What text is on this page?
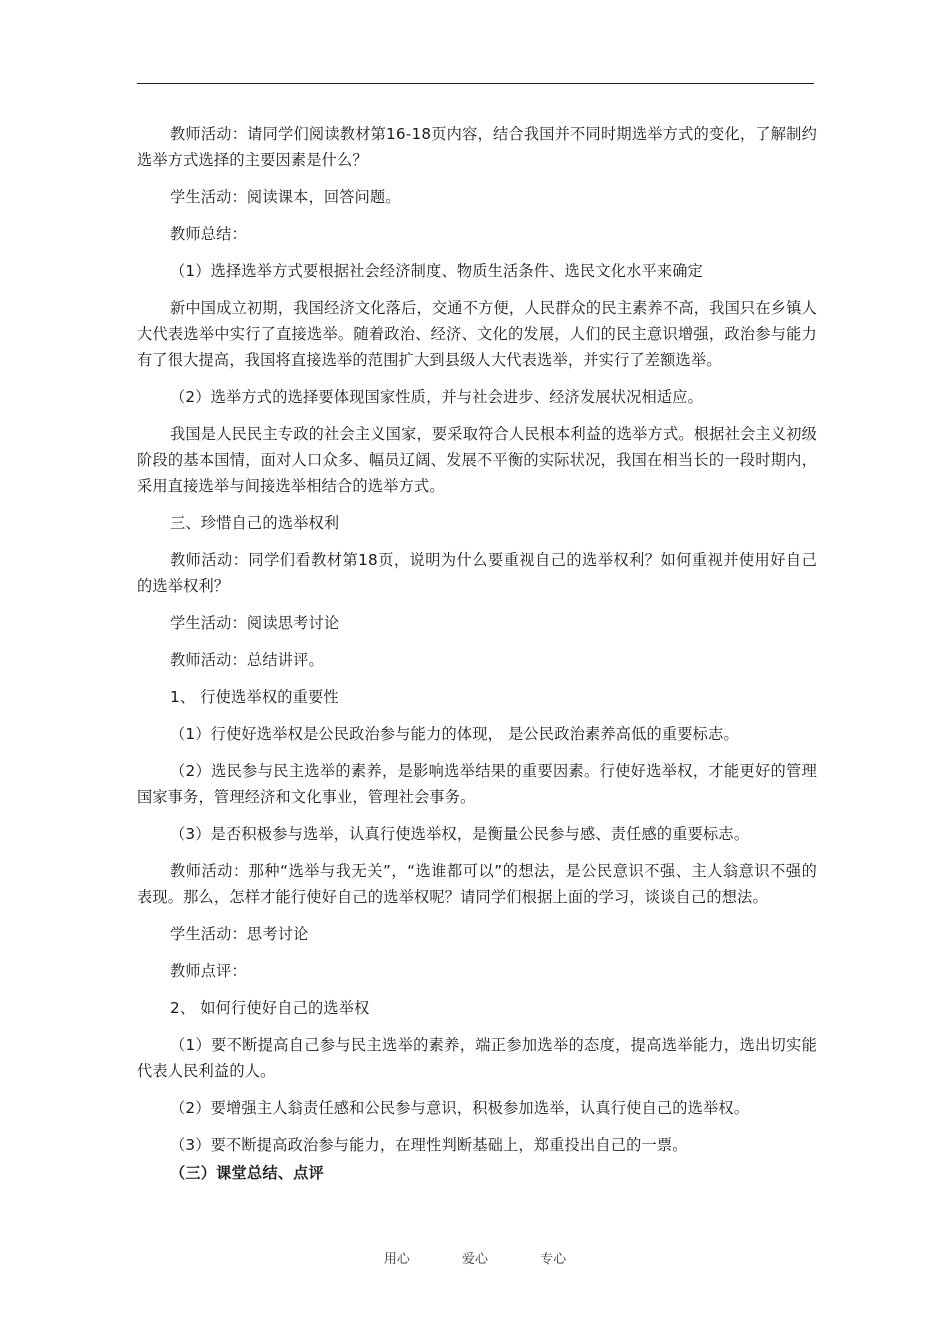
教师活动：请同学们阅读教材第16-18页内容，结合我国并不同时期选举方式的变化，了解制约选举方式选择的主要因素是什么？

学生活动：阅读课本，回答问题。

教师总结：

（1）选择选举方式要根据社会经济制度、物质生活条件、选民文化水平来确定

新中国成立初期，我国经济文化落后，交通不方便，人民群众的民主素养不高，我国只在乡镇人大代表选举中实行了直接选举。随着政治、经济、文化的发展，人们的民主意识增强，政治参与能力有了很大提高，我国将直接选举的范围扩大到县级人大代表选举，并实行了差额选举。

（2）选举方式的选择要体现国家性质，并与社会进步、经济发展状况相适应。

我国是人民民主专政的社会主义国家，要采取符合人民根本利益的选举方式。根据社会主义初级阶段的基本国情，面对人口众多、幅员辽阔、发展不平衡的实际状况，我国在相当长的一段时期内，采用直接选举与间接选举相结合的选举方式。

三、珍惜自己的选举权利

教师活动：同学们看教材第18页，说明为什么要重视自己的选举权利？如何重视并使用好自己的选举权利？

学生活动：阅读思考讨论

教师活动：总结讲评。

1、 行使选举权的重要性

（1）行使好选举权是公民政治参与能力的体现， 是公民政治素养高低的重要标志。

（2）选民参与民主选举的素养，是影响选举结果的重要因素。行使好选举权，才能更好的管理国家事务，管理经济和文化事业，管理社会事务。

（3）是否积极参与选举，认真行使选举权，是衡量公民参与感、责任感的重要标志。

教师活动：那种“选举与我无关”，“选谁都可以”的想法，是公民意识不强、主人翁意识不强的表现。那么，怎样才能行使好自己的选举权呢？请同学们根据上面的学习，谈谈自己的想法。

学生活动：思考讨论

教师点评：

2、 如何行使好自己的选举权

（1）要不断提高自己参与民主选举的素养，端正参加选举的态度，提高选举能力，选出切实能代表人民利益的人。

（2）要增强主人翁责任感和公民参与意识，积极参加选举，认真行使自己的选举权。

（3）要不断提高政治参与能力，在理性判断基础上，郑重投出自己的一票。

（三）课堂总结、点评

用心	爱心	专心
